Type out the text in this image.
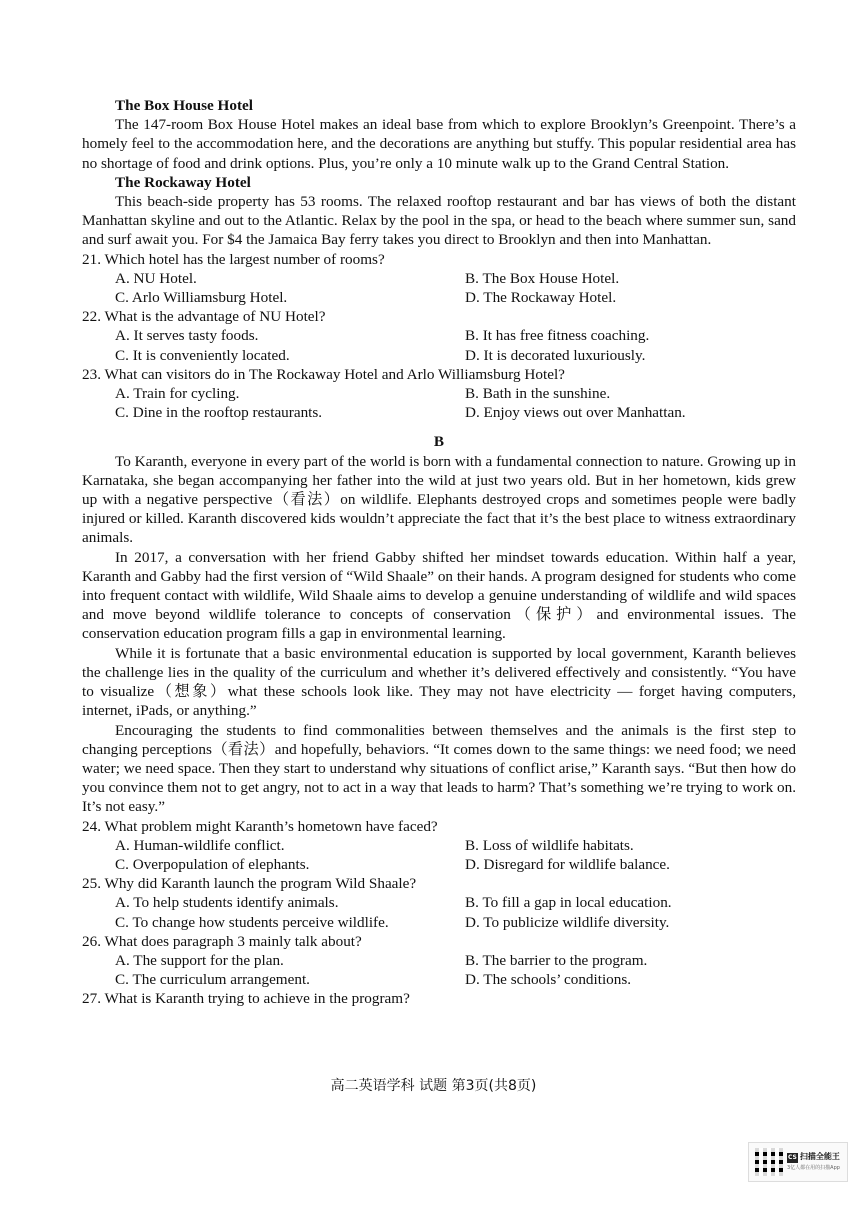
The Box House Hotel

The 147-room Box House Hotel makes an ideal base from which to explore Brooklyn’s Greenpoint. There’s a homely feel to the accommodation here, and the decorations are anything but stuffy. This popular residential area has no shortage of food and drink options. Plus, you’re only a 10 minute walk up to the Grand Central Station.

The Rockaway Hotel

This beach-side property has 53 rooms. The relaxed rooftop restaurant and bar has views of both the distant Manhattan skyline and out to the Atlantic. Relax by the pool in the spa, or head to the beach where summer sun, sand and surf await you. For $4 the Jamaica Bay ferry takes you direct to Brooklyn and then into Manhattan.

21. Which hotel has the largest number of rooms?

A. NU Hotel.	B. The Box House Hotel.
C. Arlo Williamsburg Hotel.	D. The Rockaway Hotel.

22. What is the advantage of NU Hotel?

A. It serves tasty foods.	B. It has free fitness coaching.
C. It is conveniently located.	D. It is decorated luxuriously.

23. What can visitors do in The Rockaway Hotel and Arlo Williamsburg Hotel?

A. Train for cycling.	B. Bath in the sunshine.
C. Dine in the rooftop restaurants.	D. Enjoy views out over Manhattan.
B

To Karanth, everyone in every part of the world is born with a fundamental connection to nature. Growing up in Karnataka, she began accompanying her father into the wild at just two years old. But in her hometown, kids grew up with a negative perspective（看法）on wildlife. Elephants destroyed crops and sometimes people were badly injured or killed. Karanth discovered kids wouldn’t appreciate the fact that it’s the best place to witness extraordinary animals.

In 2017, a conversation with her friend Gabby shifted her mindset towards education. Within half a year, Karanth and Gabby had the first version of “Wild Shaale” on their hands. A program designed for students who come into frequent contact with wildlife, Wild Shaale aims to develop a genuine understanding of wildlife and wild spaces and move beyond wildlife tolerance to concepts of conservation（保护）and environmental issues. The conservation education program fills a gap in environmental learning.

While it is fortunate that a basic environmental education is supported by local government, Karanth believes the challenge lies in the quality of the curriculum and whether it’s delivered effectively and consistently. “You have to visualize（想象）what these schools look like. They may not have electricity — forget having computers, internet, iPads, or anything.”

Encouraging the students to find commonalities between themselves and the animals is the first step to changing perceptions（看法）and hopefully, behaviors. “It comes down to the same things: we need food; we need water; we need space. Then they start to understand why situations of conflict arise,” Karanth says. “But then how do you convince them not to get angry, not to act in a way that leads to harm? That’s something we’re trying to work on. It’s not easy.”

24. What problem might Karanth’s hometown have faced?

A. Human-wildlife conflict.	B. Loss of wildlife habitats.
C. Overpopulation of elephants.	D. Disregard for wildlife balance.

25. Why did Karanth launch the program Wild Shaale?

A. To help students identify animals.	B. To fill a gap in local education.
C. To change how students perceive wildlife.	D. To publicize wildlife diversity.

26. What does paragraph 3 mainly talk about?

A. The support for the plan.	B. The barrier to the program.
C. The curriculum arrangement.	D. The schools’ conditions.

27. What is Karanth trying to achieve in the program?

高二英语学科 试题 第3页(共8页)
CS 扫描全能王
3亿人都在用的扫描App
